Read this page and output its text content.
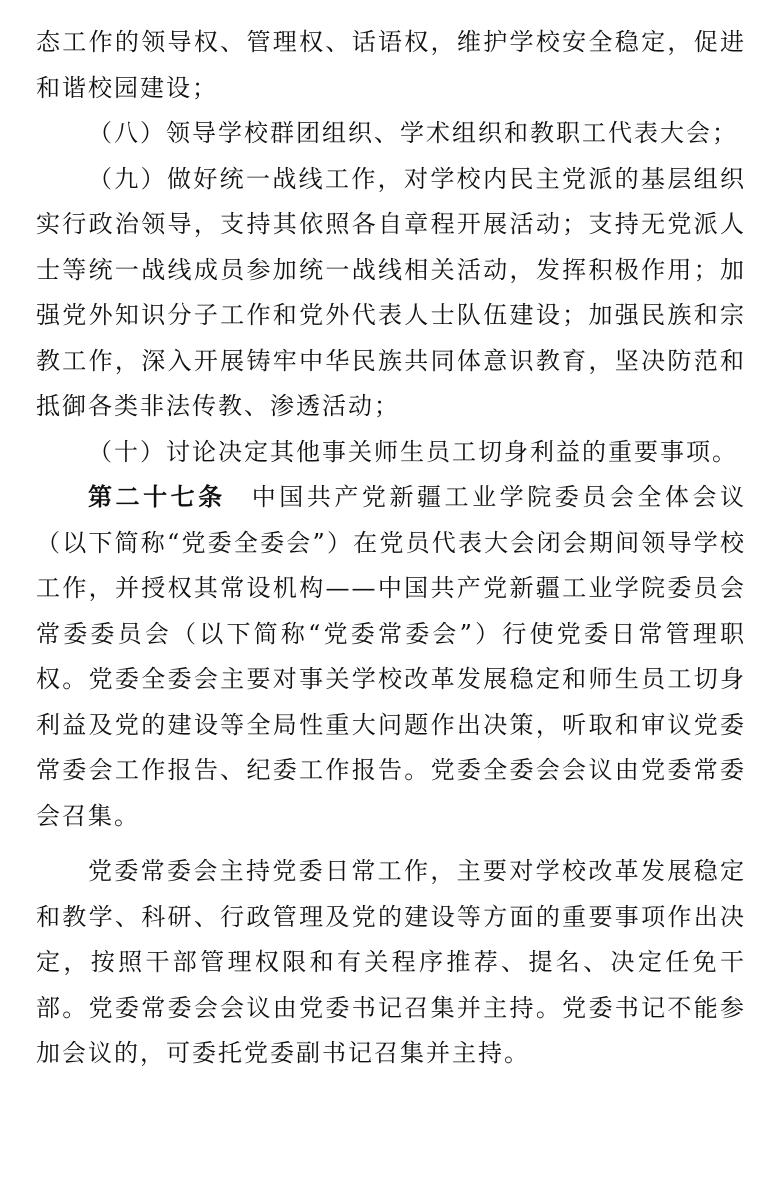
态工作的领导权、管理权、话语权，维护学校安全稳定，促进和谐校园建设；

（八）领导学校群团组织、学术组织和教职工代表大会；

（九）做好统一战线工作，对学校内民主党派的基层组织实行政治领导，支持其依照各自章程开展活动；支持无党派人士等统一战线成员参加统一战线相关活动，发挥积极作用；加强党外知识分子工作和党外代表人士队伍建设；加强民族和宗教工作，深入开展铸牢中华民族共同体意识教育，坚决防范和抵御各类非法传教、渗透活动；

（十）讨论决定其他事关师生员工切身利益的重要事项。

第二十七条 中国共产党新疆工业学院委员会全体会议（以下简称“党委全委会”）在党员代表大会闭会期间领导学校工作，并授权其常设机构——中国共产党新疆工业学院委员会常委委员会（以下简称“党委常委会”）行使党委日常管理职权。党委全委会主要对事关学校改革发展稳定和师生员工切身利益及党的建设等全局性重大问题作出决策，听取和审议党委常委会工作报告、纪委工作报告。党委全委会会议由党委常委会召集。

党委常委会主持党委日常工作，主要对学校改革发展稳定和教学、科研、行政管理及党的建设等方面的重要事项作出决定，按照干部管理权限和有关程序推荐、提名、决定任免干部。党委常委会会议由党委书记召集并主持。党委书记不能参加会议的，可委托党委副书记召集并主持。
